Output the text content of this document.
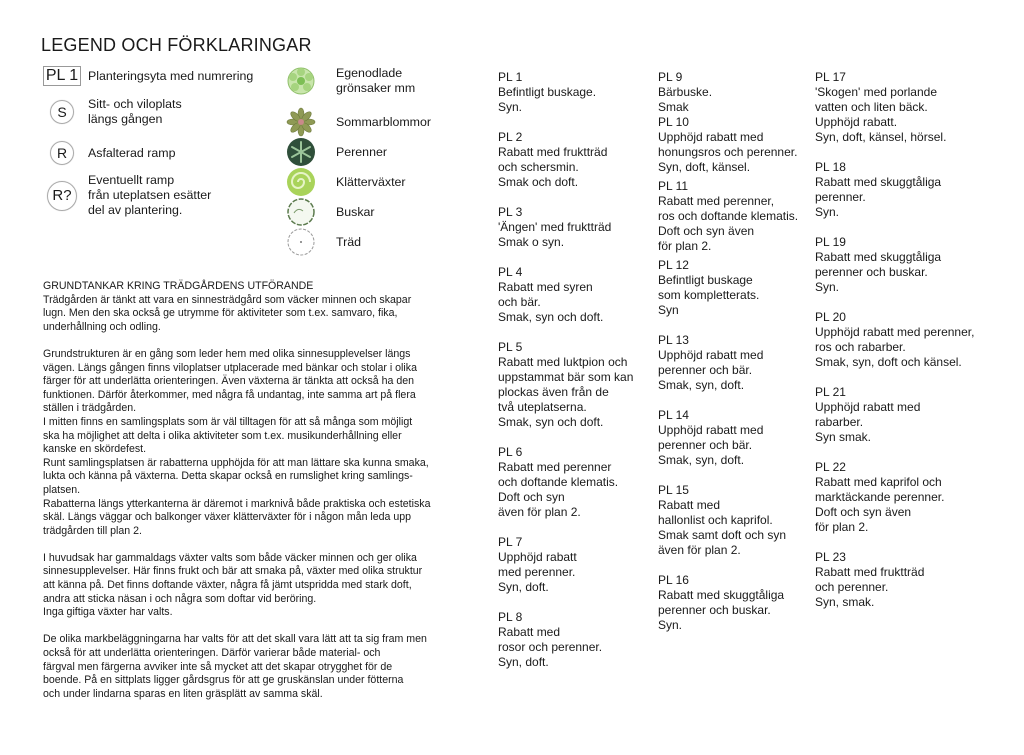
LEGEND OCH FÖRKLARINGAR
PL 1 Planteringsyta med numrering
S	Sitt- och viloplats
längs gången
R	Asfalterad ramp
R?
Eventuellt ramp
från uteplatsen esätter
del av plantering.
Egenodlade
grönsaker mm
Sommarblommor
Perenner
Klätterväxter
Buskar
Träd
GRUNDTANKAR KRING TRÄDGÅRDENS UTFÖRANDE

Trädgården är tänkt att vara en sinnesträdgård som väcker minnen och skapar
lugn. Men den ska också ge utrymme för aktiviteter som t.ex. samvaro, fika,
underhållning och odling.

Grundstrukturen är en gång som leder hem med olika sinnesupplevelser längs
vägen. Längs gången finns viloplatser utplacerade med bänkar och stolar i olika
färger för att underlätta orienteringen. Även växterna är tänkta att också ha den
funktionen. Därför återkommer, med några få undantag, inte samma art på flera
ställen i trädgården.
I mitten finns en samlingsplats som är väl tilltagen för att så många som möjligt
ska ha möjlighet att delta i olika aktiviteter som t.ex. musikunderhållning eller
kanske en skördefest.
Runt samlingsplatsen är rabatterna upphöjda för att man lättare ska kunna smaka,
lukta och känna på växterna. Detta skapar också en rumslighet kring samlings-
platsen.
Rabatterna längs ytterkanterna är däremot i marknivå både praktiska och estetiska
skäl. Längs väggar och balkonger växer klätterväxter för i någon mån leda upp
trädgården till plan 2.

I huvudsak har gammaldags växter valts som både väcker minnen och ger olika
sinnesupplevelser. Här finns frukt och bär att smaka på, växter med olika struktur
att känna på. Det finns doftande växter, några få jämt utspridda med stark doft,
andra att sticka näsan i och några som doftar vid beröring.
Inga giftiga växter har valts.

De olika markbeläggningarna har valts för att det skall vara lätt att ta sig fram men
också för att underlätta orienteringen. Därför varierar både material- och
färgval men färgerna avviker inte så mycket att det skapar otrygghet för de
boende. På en sittplats ligger gårdsgrus för att ge gruskänslan under fötterna
och under lindarna sparas en liten gräsplätt av samma skäl.

PL 1
Befintligt buskage.
Syn.
PL 2
Rabatt med fruktträd
och schersmin.
Smak och doft.
PL 3
'Ängen' med fruktträd
Smak o syn.
PL 4
Rabatt med syren
och bär.
Smak, syn och doft.
PL 5
Rabatt med luktpion och
uppstammat bär som kan
plockas även från de
två uteplatserna.
Smak, syn och doft.
PL 6
Rabatt med perenner
och doftande klematis.
Doft och syn
även för plan 2.
PL 7
Upphöjd rabatt
med perenner.
Syn, doft.
PL 8
Rabatt med
rosor och perenner.
Syn, doft.
PL 9
Bärbuske.
Smak
PL 10
Upphöjd rabatt med
honungsros och perenner.
Syn, doft, känsel.
PL 11
Rabatt med perenner,
ros och doftande klematis.
Doft och syn även
för plan 2.
PL 12
Befintligt buskage
som kompletterats.
Syn
PL 13
Upphöjd rabatt med
perenner och bär.
Smak, syn, doft.
PL 14
Upphöjd rabatt med
perenner och bär.
Smak, syn, doft.
PL 15
Rabatt med
hallonlist och kaprifol.
Smak samt doft och syn
även för plan 2.
PL 16
Rabatt med skuggtåliga
perenner och buskar.
Syn.
PL 17
'Skogen' med porlande
vatten och liten bäck.
Upphöjd rabatt.
Syn, doft, känsel, hörsel.
PL 18
Rabatt med skuggtåliga
perenner.
Syn.
PL 19
Rabatt med skuggtåliga
perenner och buskar.
Syn.
PL 20
Upphöjd rabatt med perenner,
ros och rabarber.
Smak, syn, doft och känsel.
PL 21
Upphöjd rabatt med
rabarber.
Syn smak.
PL 22
Rabatt med kaprifol och
marktäckande perenner.
Doft och syn även
för plan 2.
PL 23
Rabatt med fruktträd
och perenner.
Syn, smak.
